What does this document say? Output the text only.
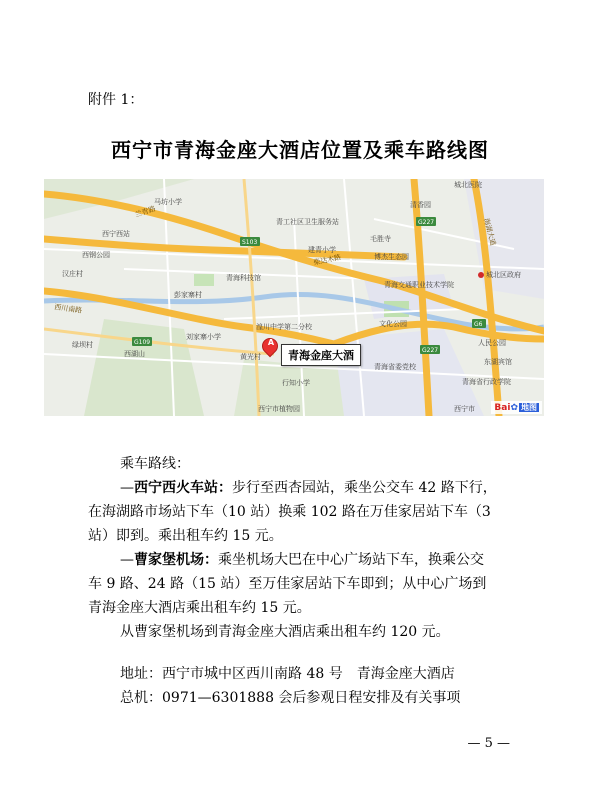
附件 1：
西宁市青海金座大酒店位置及乘车路线图
S103
G227
G109
G227
G6
兰青路
柴达木路
西川南路
海湖大道
马坊小学
西宁西站
西钢公园
汉庄村
彭家寨村
青海科技馆
刘家寨小学
青工社区卫生服务站
建青小学
毛胜寺
博杰生态园
青海交通职业技术学院
文化公园
湟川中学第二分校
青海省委党校
西湖山
绿坝村
黄光村
行知小学
西宁市植物园
城北医院
城北区政府
清香园
人民公园
东湖宾馆
青海省行政学院
西宁市
A
青海金座大酒
Bai✿ 地图
乘车路线：
—西宁西火车站：步行至西杏园站，乘坐公交车 42 路下行，
在海湖路市场站下车（10 站）换乘 102 路在万佳家居站下车（3
站）即到。乘出租车约 15 元。
—曹家堡机场：乘坐机场大巴在中心广场站下车，换乘公交
车 9 路、24 路（15 站）至万佳家居站下车即到；从中心广场到
青海金座大酒店乘出租车约 15 元。
从曹家堡机场到青海金座大酒店乘出租车约 120 元。
地址：西宁市城中区西川南路 48 号　青海金座大酒店
总机：0971—6301888 会后参观日程安排及有关事项
— 5 —
